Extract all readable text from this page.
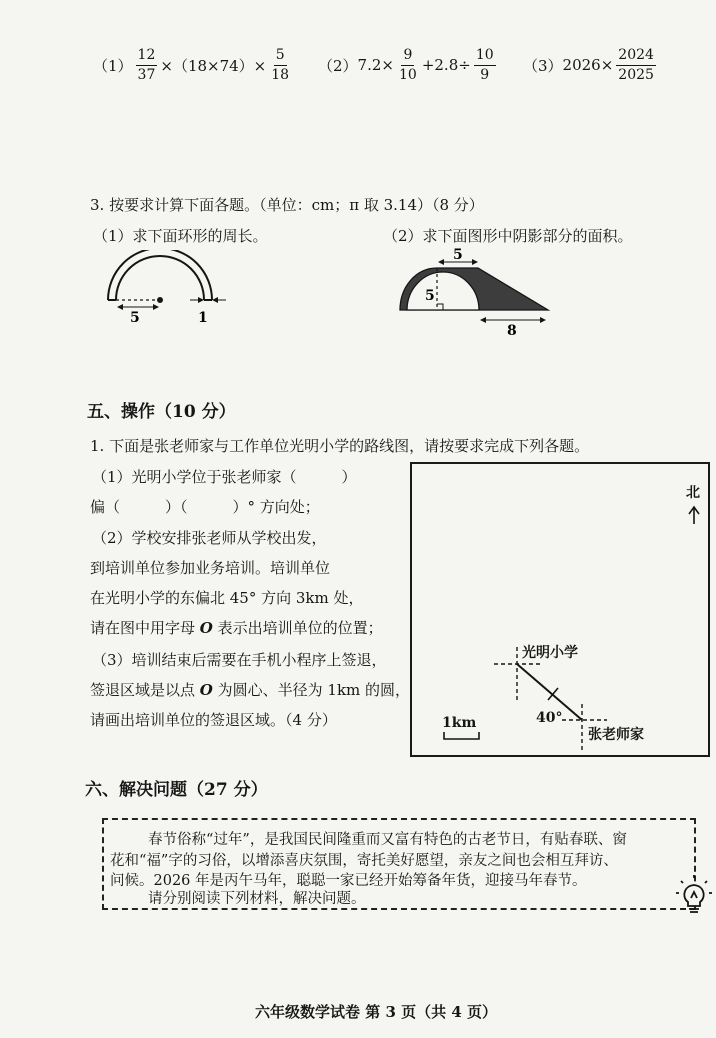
$(1) \frac{12}{37} \times(18\times 74)\times \frac{5}{18} (2)$ $7.2\times \frac{9}{10} +2.8\div \frac{10}{9} (3)$ $2026\times \frac{2024}{2025}$
3. 按要求计算下面各题。（单位：cm；π 取 3.14）（8 分）
（1）求下面环形的周长。	（2）求下面图形中阴影部分的面积。
5	1
5
5
8
五、操作（10 分）
1. 下面是张老师家与工作单位光明小学的路线图，请按要求完成下列各题。
（1）光明小学位于张老师家（　　　）
偏（　　　）（　　　）° 方向处；
（2）学校安排张老师从学校出发，
到培训单位参加业务培训。培训单位
在光明小学的东偏北 45° 方向 3km 处，
请在图中用字母 O 表示出培训单位的位置；
（3）培训结束后需要在手机小程序上签退，
签退区域是以点 O 为圆心、半径为 1km 的圆，
请画出培训单位的签退区域。（4 分）
北
光明小学
40°
1km
张老师家
六、解决问题（27 分）
春节俗称“过年”，是我国民间隆重而又富有特色的古老节日，有贴春联、窗
花和“福”字的习俗，以增添喜庆氛围，寄托美好愿望，亲友之间也会相互拜访、
问候。2026 年是丙午马年，聪聪一家已经开始筹备年货，迎接马年春节。
请分别阅读下列材料，解决问题。
六年级数学试卷 第 3 页（共 4 页）
